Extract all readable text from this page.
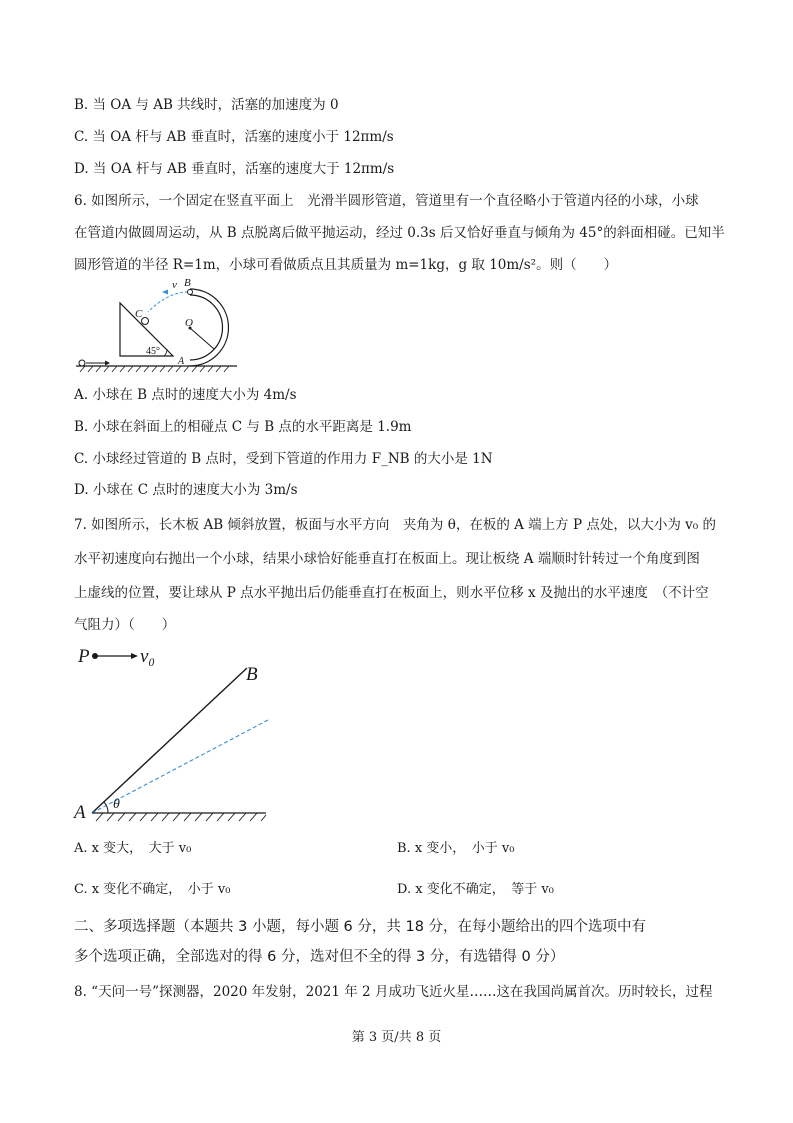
B. 当 OA 与 AB 共线时，活塞的加速度为 0
C. 当 OA 杆与 AB 垂直时，活塞的速度小于 12πm/s
D. 当 OA 杆与 AB 垂直时，活塞的速度大于 12πm/s
6. 如图所示，一个固定在竖直平面上　光滑半圆形管道，管道里有一个直径略小于管道内径的小球，小球
在管道内做圆周运动，从 B 点脱离后做平抛运动，经过 0.3s 后又恰好垂直与倾角为 45°的斜面相碰。已知半
圆形管道的半径 R=1m，小球可看做质点且其质量为 m=1kg，g 取 10m/s²。则（　　）
45°
v B
C
O
A
A. 小球在 B 点时的速度大小为 4m/s
B. 小球在斜面上的相碰点 C 与 B 点的水平距离是 1.9m
C. 小球经过管道的 B 点时，受到下管道的作用力 F_NB 的大小是 1N
D. 小球在 C 点时的速度大小为 3m/s
7. 如图所示，长木板 AB 倾斜放置，板面与水平方向　夹角为 θ，在板的 A 端上方 P 点处，以大小为 v₀ 的
水平初速度向右抛出一个小球，结果小球恰好能垂直打在板面上。现让板绕 A 端顺时针转过一个角度到图
上虚线的位置，要让球从 P 点水平抛出后仍能垂直打在板面上，则水平位移 x 及抛出的水平速度　（不计空
气阻力）（　　）
P	v₀
B
θ
A
A. x 变大，　大于 v₀	B. x 变小，　小于 v₀
C. x 变化不确定，　小于 v₀	D. x 变化不确定，　等于 v₀
二、多项选择题（本题共 3 小题，每小题 6 分，共 18 分，在每小题给出的四个选项中有
多个选项正确，全部选对的得 6 分，选对但不全的得 3 分，有选错得 0 分）
8. “天问一号”探测器，2020 年发射，2021 年 2 月成功飞近火星……这在我国尚属首次。历时较长，过程
第 3 页/共 8 页
